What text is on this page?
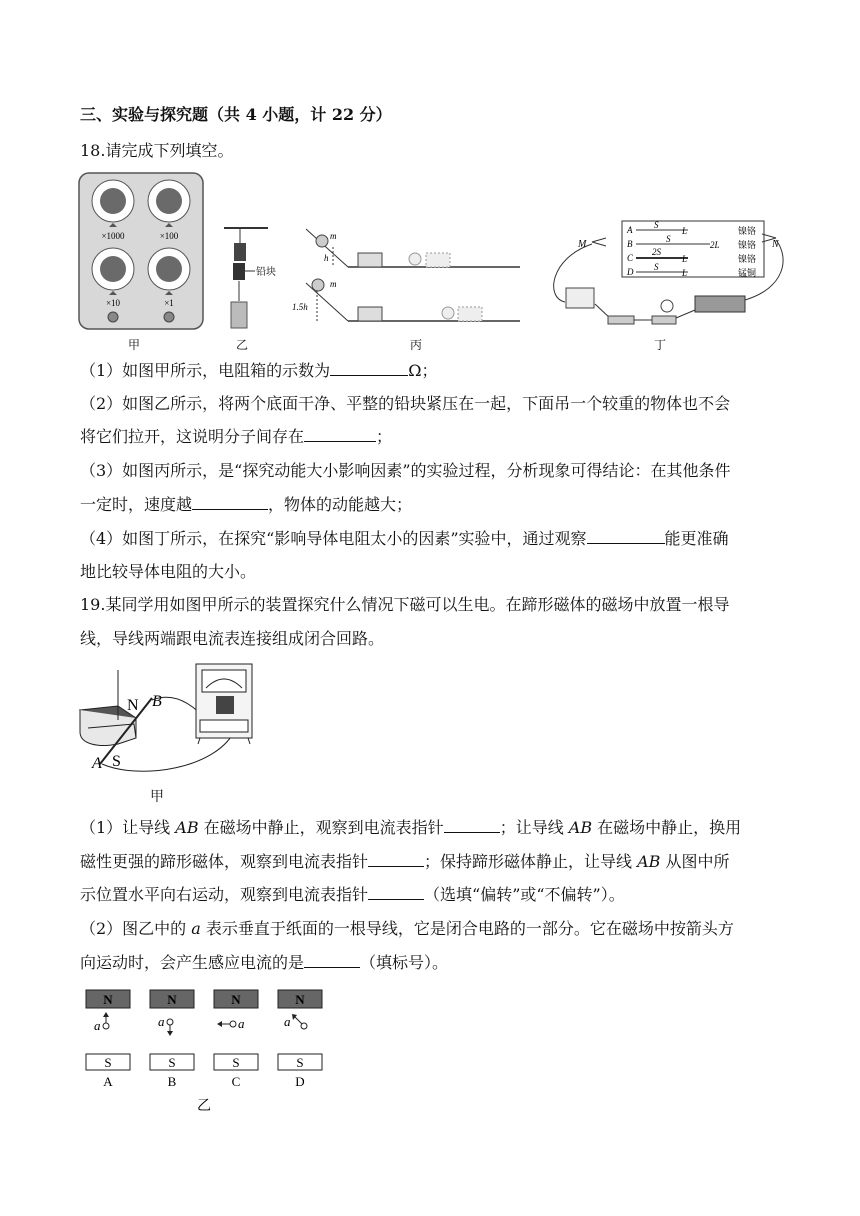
三、实验与探究题（共 4 小题，计 22 分）
18.请完成下列填空。
×1000	×100
×10	×1
铅块
m
h
m
1.5h
A S
L	镍铬
B	S
2L 镍铬
C
2S
L	镍铬
D S
L	锰铜
M	N
甲	乙	丙	丁
（1）如图甲所示，电阻箱的示数为	Ω；
（2）如图乙所示，将两个底面干净、平整的铅块紧压在一起，下面吊一个较重的物体也不会
将它们拉开，这说明分子间存在	；
（3）如图丙所示，是“探究动能大小影响因素”的实验过程，分析现象可得结论：在其他条件
一定时，速度越	，物体的动能越大；
（4）如图丁所示，在探究“影响导体电阻太小的因素”实验中，通过观察	能更准确
地比较导体电阻的大小。
19.某同学用如图甲所示的装置探究什么情况下磁可以生电。在蹄形磁体的磁场中放置一根导
线，导线两端跟电流表连接组成闭合回路。
N B
A S
甲
（1）让导线 AB 在磁场中静止，观察到电流表指针	；让导线 AB 在磁场中静止，换用
磁性更强的蹄形磁体，观察到电流表指针	；保持蹄形磁体静止，让导线 AB 从图中所
示位置水平向右运动，观察到电流表指针	（选填“偏转”或“不偏转”）。
（2）图乙中的 a 表示垂直于纸面的一根导线，它是闭合电路的一部分。它在磁场中按箭头方
向运动时，会产生感应电流的是	（填标号）。
N
a
S
A
N
a
S
B
N
a
S
C
N
a
S
D
乙
